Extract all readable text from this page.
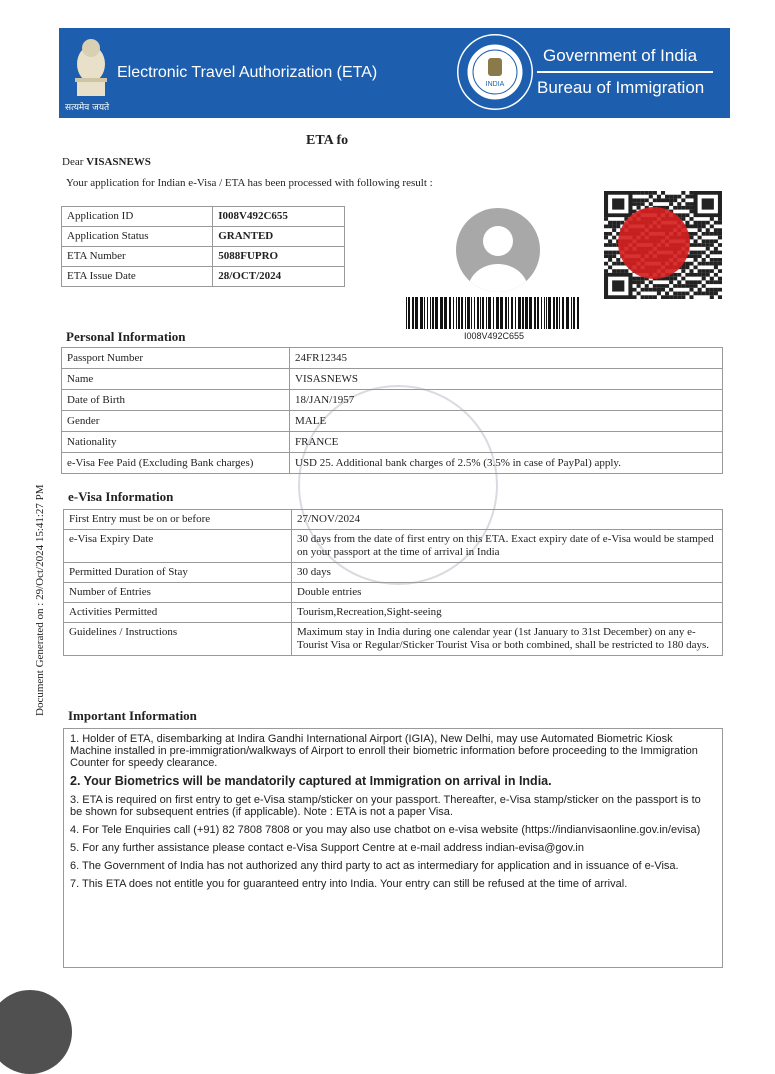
सत्यमेव जयते
Electronic Travel Authorization (ETA)
INDIA
Government of India
Bureau of Immigration
ETA fo
Dear VISASNEWS
Your application for Indian e-Visa / ETA has been processed with following result :
Application ID	I008V492C655
Application Status	GRANTED
ETA Number	5088FUPRO
ETA Issue Date	28/OCT/2024
I008V492C655
Personal Information
Passport Number	24FR12345
Name	VISASNEWS
Date of Birth	18/JAN/1957
Gender	MALE
Nationality	FRANCE
e-Visa Fee Paid (Excluding Bank charges)	USD 25. Additional bank charges of 2.5% (3.5% in case of PayPal) apply.
e-Visa Information
First Entry must be on or before	27/NOV/2024
e-Visa Expiry Date	30 days from the date of first entry on this ETA. Exact expiry date of e-Visa would be stamped on your passport at the time of arrival in India
Permitted Duration of Stay	30 days
Number of Entries	Double entries
Activities Permitted	Tourism,Recreation,Sight-seeing
Guidelines / Instructions	Maximum stay in India during one calendar year (1st January to 31st December) on any e-Tourist Visa or Regular/Sticker Tourist Visa or both combined, shall be restricted to 180 days.
Important Information

1. Holder of ETA, disembarking at Indira Gandhi International Airport (IGIA), New Delhi, may use Automated Biometric Kiosk Machine installed in pre-immigration/walkways of Airport to enroll their biometric information before proceeding to the Immigration Counter for speedy clearance.

2. Your Biometrics will be mandatorily captured at Immigration on arrival in India.

3. ETA is required on first entry to get e-Visa stamp/sticker on your passport. Thereafter, e-Visa stamp/sticker on the passport is to be shown for subsequent entries (if applicable). Note : ETA is not a paper Visa.

4. For Tele Enquiries call (+91) 82 7808 7808 or you may also use chatbot on e-visa website (https://indianvisaonline.gov.in/evisa)

5. For any further assistance please contact e-Visa Support Centre at e-mail address indian-evisa@gov.in

6. The Government of India has not authorized any third party to act as intermediary for application and in issuance of e-Visa.

7. This ETA does not entitle you for guaranteed entry into India. Your entry can still be refused at the time of arrival.

Document Generated on : 29/Oct/2024 15:41:27 PM
